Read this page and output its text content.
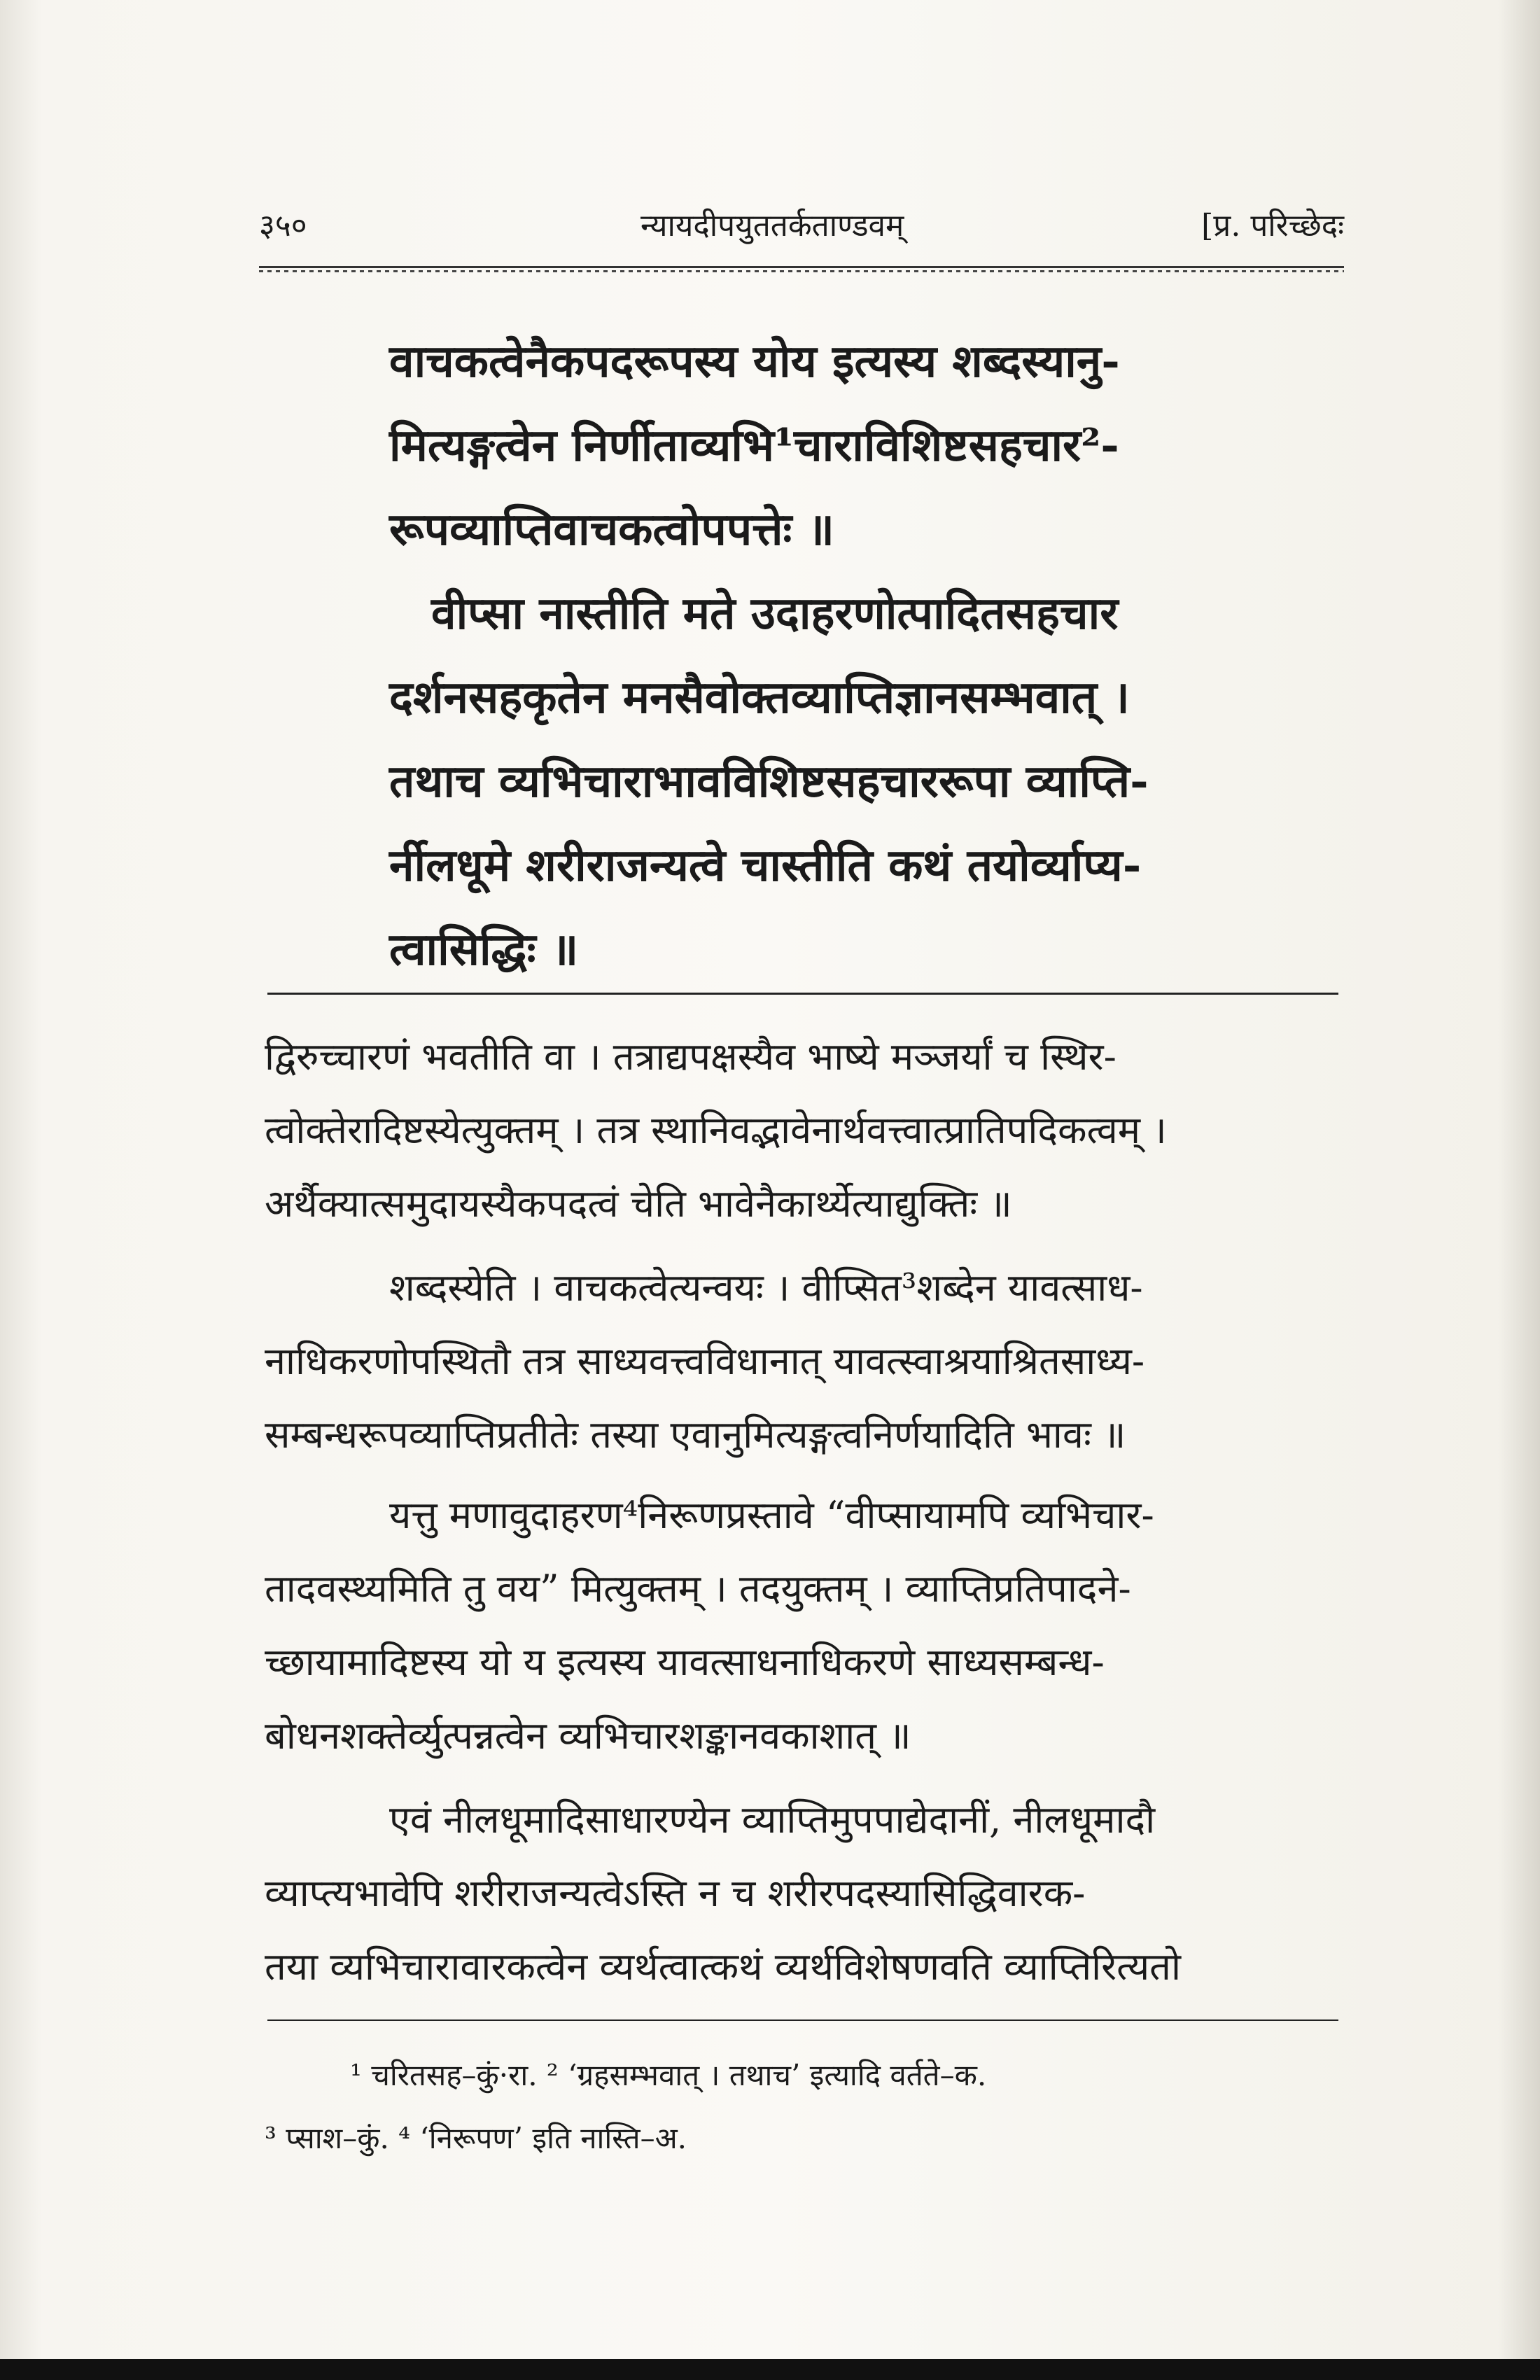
३५०	न्यायदीपयुततर्कताण्डवम्	[प्र. परिच्छेदः
वाचकत्वेनैकपदरूपस्य योय इत्यस्य शब्दस्यानु-
मित्यङ्गत्वेन निर्णीताव्यभि¹चाराविशिष्टसहचार²-
रूपव्याप्तिवाचकत्वोपपत्तेः ॥
वीप्सा नास्तीति मते उदाहरणोत्पादितसहचार
दर्शनसहकृतेन मनसैवोक्तव्याप्तिज्ञानसम्भवात् ।
तथाच व्यभिचाराभावविशिष्टसहचाररूपा व्याप्ति-
र्नीलधूमे शरीराजन्यत्वे चास्तीति कथं तयोर्व्याप्य-
त्वासिद्धिः ॥
द्विरुच्चारणं भवतीति वा । तत्राद्यपक्षस्यैव भाष्ये मञ्जर्यां च स्थिर-
त्वोक्तेरादिष्टस्येत्युक्तम् । तत्र स्थानिवद्भावेनार्थवत्त्वात्प्रातिपदिकत्वम् ।
अर्थैक्यात्समुदायस्यैकपदत्वं चेति भावेनैकार्थ्येत्याद्युक्तिः ॥
शब्दस्येति । वाचकत्वेत्यन्वयः । वीप्सित³शब्देन यावत्साध-
नाधिकरणोपस्थितौ तत्र साध्यवत्त्वविधानात् यावत्स्वाश्रयाश्रितसाध्य-
सम्बन्धरूपव्याप्तिप्रतीतेः तस्या एवानुमित्यङ्गत्वनिर्णयादिति भावः ॥
यत्तु मणावुदाहरण⁴निरूणप्रस्तावे “वीप्सायामपि व्यभिचार-
तादवस्थ्यमिति तु वय” मित्युक्तम् । तदयुक्तम् । व्याप्तिप्रतिपादने-
च्छायामादिष्टस्य यो य इत्यस्य यावत्साधनाधिकरणे साध्यसम्बन्ध-
बोधनशक्तेर्व्युत्पन्नत्वेन व्यभिचारशङ्कानवकाशात् ॥
एवं नीलधूमादिसाधारण्येन व्याप्तिमुपपाद्येदानीं, नीलधूमादौ
व्याप्त्यभावेपि शरीराजन्यत्वेऽस्ति न च शरीरपदस्यासिद्धिवारक-
तया व्यभिचारावारकत्वेन व्यर्थत्वात्कथं व्यर्थविशेषणवति व्याप्तिरित्यतो
¹ चरितसह–कुं·रा. ² ‘ग्रहसम्भवात् । तथाच’ इत्यादि वर्तते–क.
³ प्साश–कुं. ⁴ ‘निरूपण’ इति नास्ति–अ.
